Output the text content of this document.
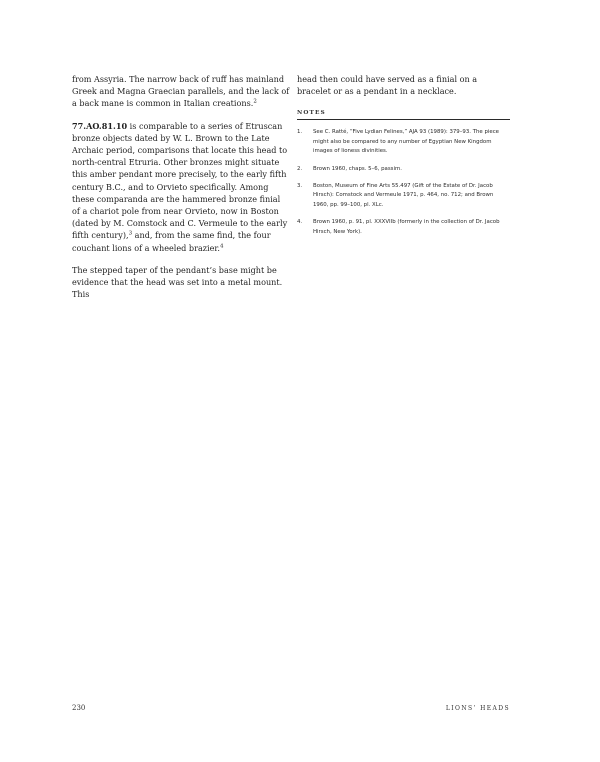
from Assyria. The narrow back of ruff has mainland Greek and Magna Graecian parallels, and the lack of a back mane is common in Italian creations.$^2$

77.AO.81.10 is comparable to a series of Etruscan bronze objects dated by W. L. Brown to the Late Archaic period, comparisons that locate this head to north-central Etruria. Other bronzes might situate this amber pendant more precisely, to the early fifth century B.C., and to Orvieto specifically. Among these comparanda are the hammered bronze finial of a chariot pole from near Orvieto, now in Boston (dated by M. Comstock and C. Vermeule to the early fifth century),$^3$ and, from the same find, the four couchant lions of a wheeled brazier.$^4$

The stepped taper of the pendant’s base might be evidence that the head was set into a metal mount. This

head then could have served as a finial on a bracelet or as a pendant in a necklace.

NOTES
1.	See C. Ratté, “Five Lydian Felines,” AJA 93 (1989): 379–93. The piece might also be compared to any number of Egyptian New Kingdom images of lioness divinities.
2.	Brown 1960, chaps. 5–6, passim.
3.	Boston, Museum of Fine Arts 55.497 (Gift of the Estate of Dr. Jacob Hirsch): Comstock and Vermeule 1971, p. 464, no. 712; and Brown 1960, pp. 99–100, pl. XLc.
4.	Brown 1960, p. 91, pl. XXXVIIb (formerly in the collection of Dr. Jacob Hirsch, New York).
230	LIONS’ HEADS
